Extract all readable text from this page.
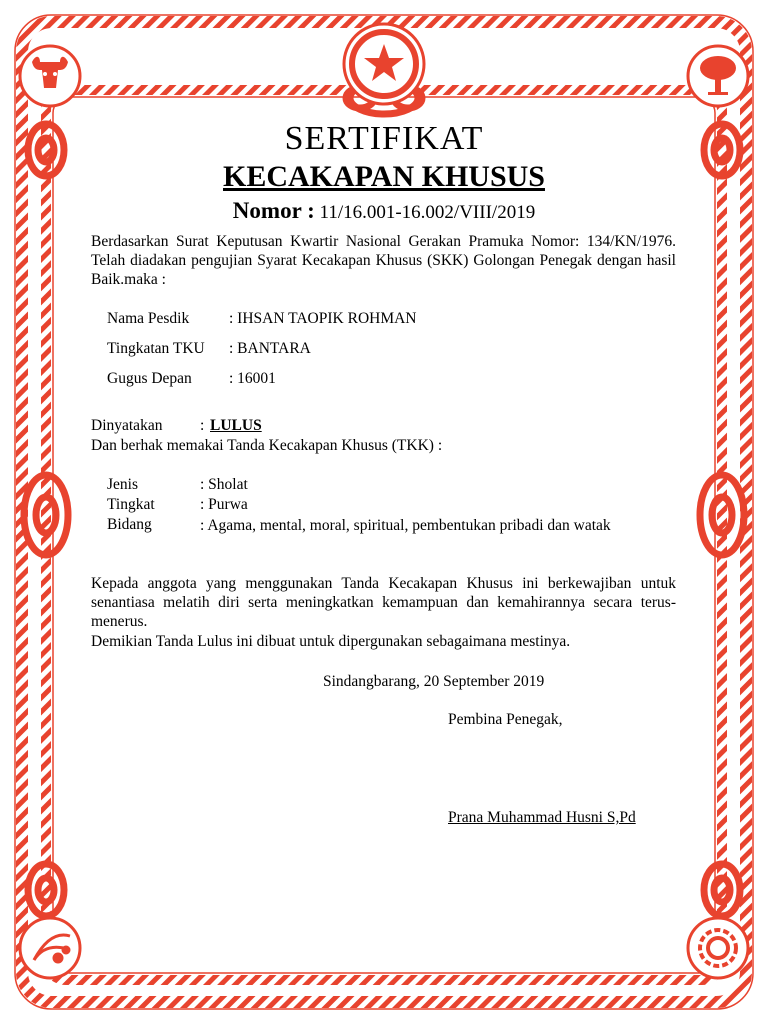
SERTIFIKAT
KECAKAPAN KHUSUS
Nomor : 11/16.001-16.002/VIII/2019
Berdasarkan Surat Keputusan Kwartir Nasional Gerakan Pramuka Nomor: 134/KN/1976. Telah diadakan pengujian Syarat Kecakapan Khusus (SKK) Golongan Penegak dengan hasil Baik.maka :
Nama Pesdik	: IHSAN TAOPIK ROHMAN
Tingkatan TKU : BANTARA
Gugus Depan : 16001
Dinyatakan : LULUS
Dan berhak memakai Tanda Kecakapan Khusus (TKK) :
Jenis	: Sholat
Tingkat	: Purwa
Bidang	: Agama, mental, moral, spiritual, pembentukan pribadi dan watak
Kepada anggota yang menggunakan Tanda Kecakapan Khusus ini berkewajiban untuk senantiasa melatih diri serta meningkatkan kemampuan dan kemahirannya secara terus-menerus.
Demikian Tanda Lulus ini dibuat untuk dipergunakan sebagaimana mestinya.
Sindangbarang, 20 September 2019
Pembina Penegak,
Prana Muhammad Husni S,Pd
